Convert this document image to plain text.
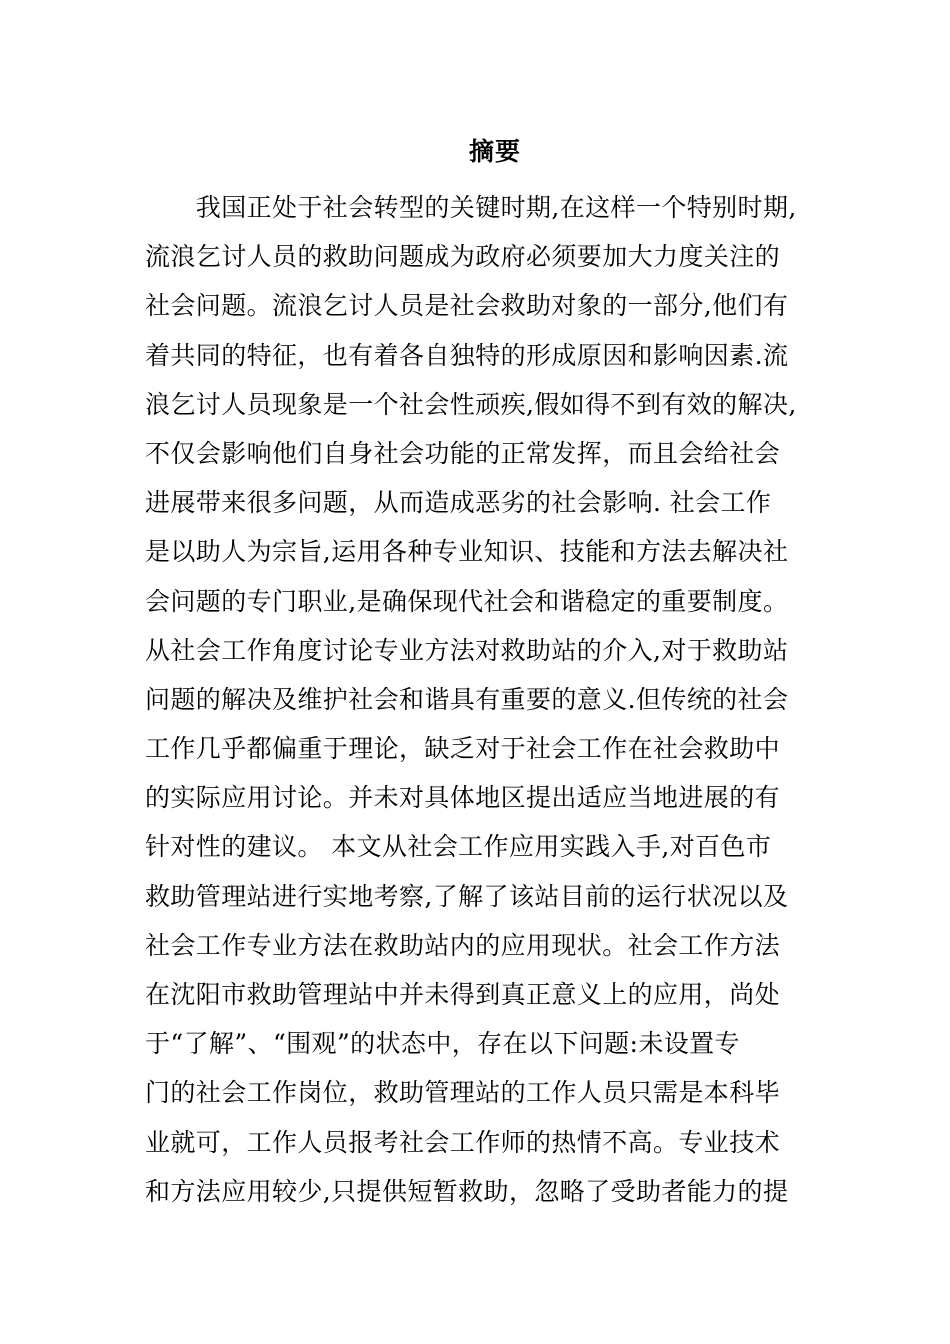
摘要
　　我国正处于社会转型的关键时期,在这样一个特别时期,
流浪乞讨人员的救助问题成为政府必须要加大力度关注的
社会问题。流浪乞讨人员是社会救助对象的一部分,他们有
着共同的特征，也有着各自独特的形成原因和影响因素.流
浪乞讨人员现象是一个社会性顽疾,假如得不到有效的解决,
不仅会影响他们自身社会功能的正常发挥，而且会给社会
进展带来很多问题，从而造成恶劣的社会影响. 社会工作
是以助人为宗旨,运用各种专业知识、技能和方法去解决社
会问题的专门职业,是确保现代社会和谐稳定的重要制度。
从社会工作角度讨论专业方法对救助站的介入,对于救助站
问题的解决及维护社会和谐具有重要的意义.但传统的社会
工作几乎都偏重于理论，缺乏对于社会工作在社会救助中
的实际应用讨论。并未对具体地区提出适应当地进展的有
针对性的建议。 本文从社会工作应用实践入手,对百色市
救助管理站进行实地考察,了解了该站目前的运行状况以及
社会工作专业方法在救助站内的应用现状。社会工作方法
在沈阳市救助管理站中并未得到真正意义上的应用，尚处
于“了解”、“围观”的状态中，存在以下问题:未设置专
门的社会工作岗位，救助管理站的工作人员只需是本科毕
业就可，工作人员报考社会工作师的热情不高。专业技术
和方法应用较少,只提供短暂救助，忽略了受助者能力的提
